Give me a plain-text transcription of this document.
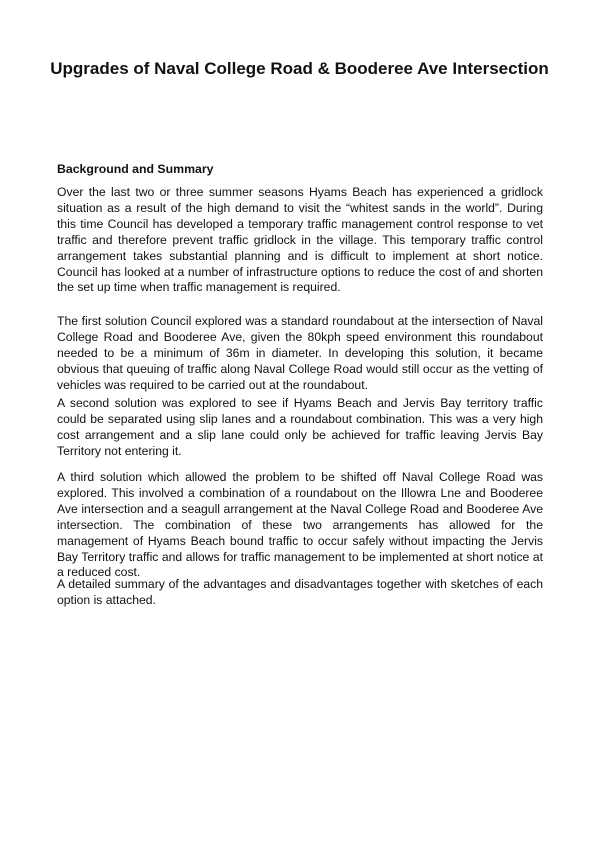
Upgrades of Naval College Road & Booderee Ave Intersection
Background and Summary

Over the last two or three summer seasons Hyams Beach has experienced a gridlock situation as a result of the high demand to visit the “whitest sands in the world”. During this time Council has developed a temporary traffic management control response to vet traffic and therefore prevent traffic gridlock in the village. This temporary traffic control arrangement takes substantial planning and is difficult to implement at short notice. Council has looked at a number of infrastructure options to reduce the cost of and shorten the set up time when traffic management is required.

The first solution Council explored was a standard roundabout at the intersection of Naval College Road and Booderee Ave, given the 80kph speed environment this roundabout needed to be a minimum of 36m in diameter. In developing this solution, it became obvious that queuing of traffic along Naval College Road would still occur as the vetting of vehicles was required to be carried out at the roundabout.

A second solution was explored to see if Hyams Beach and Jervis Bay territory traffic could be separated using slip lanes and a roundabout combination. This was a very high cost arrangement and a slip lane could only be achieved for traffic leaving Jervis Bay Territory not entering it.

A third solution which allowed the problem to be shifted off Naval College Road was explored. This involved a combination of a roundabout on the Illowra Lne and Booderee Ave intersection and a seagull arrangement at the Naval College Road and Booderee Ave intersection. The combination of these two arrangements has allowed for the management of Hyams Beach bound traffic to occur safely without impacting the Jervis Bay Territory traffic and allows for traffic management to be implemented at short notice at a reduced cost.

A detailed summary of the advantages and disadvantages together with sketches of each option is attached.
